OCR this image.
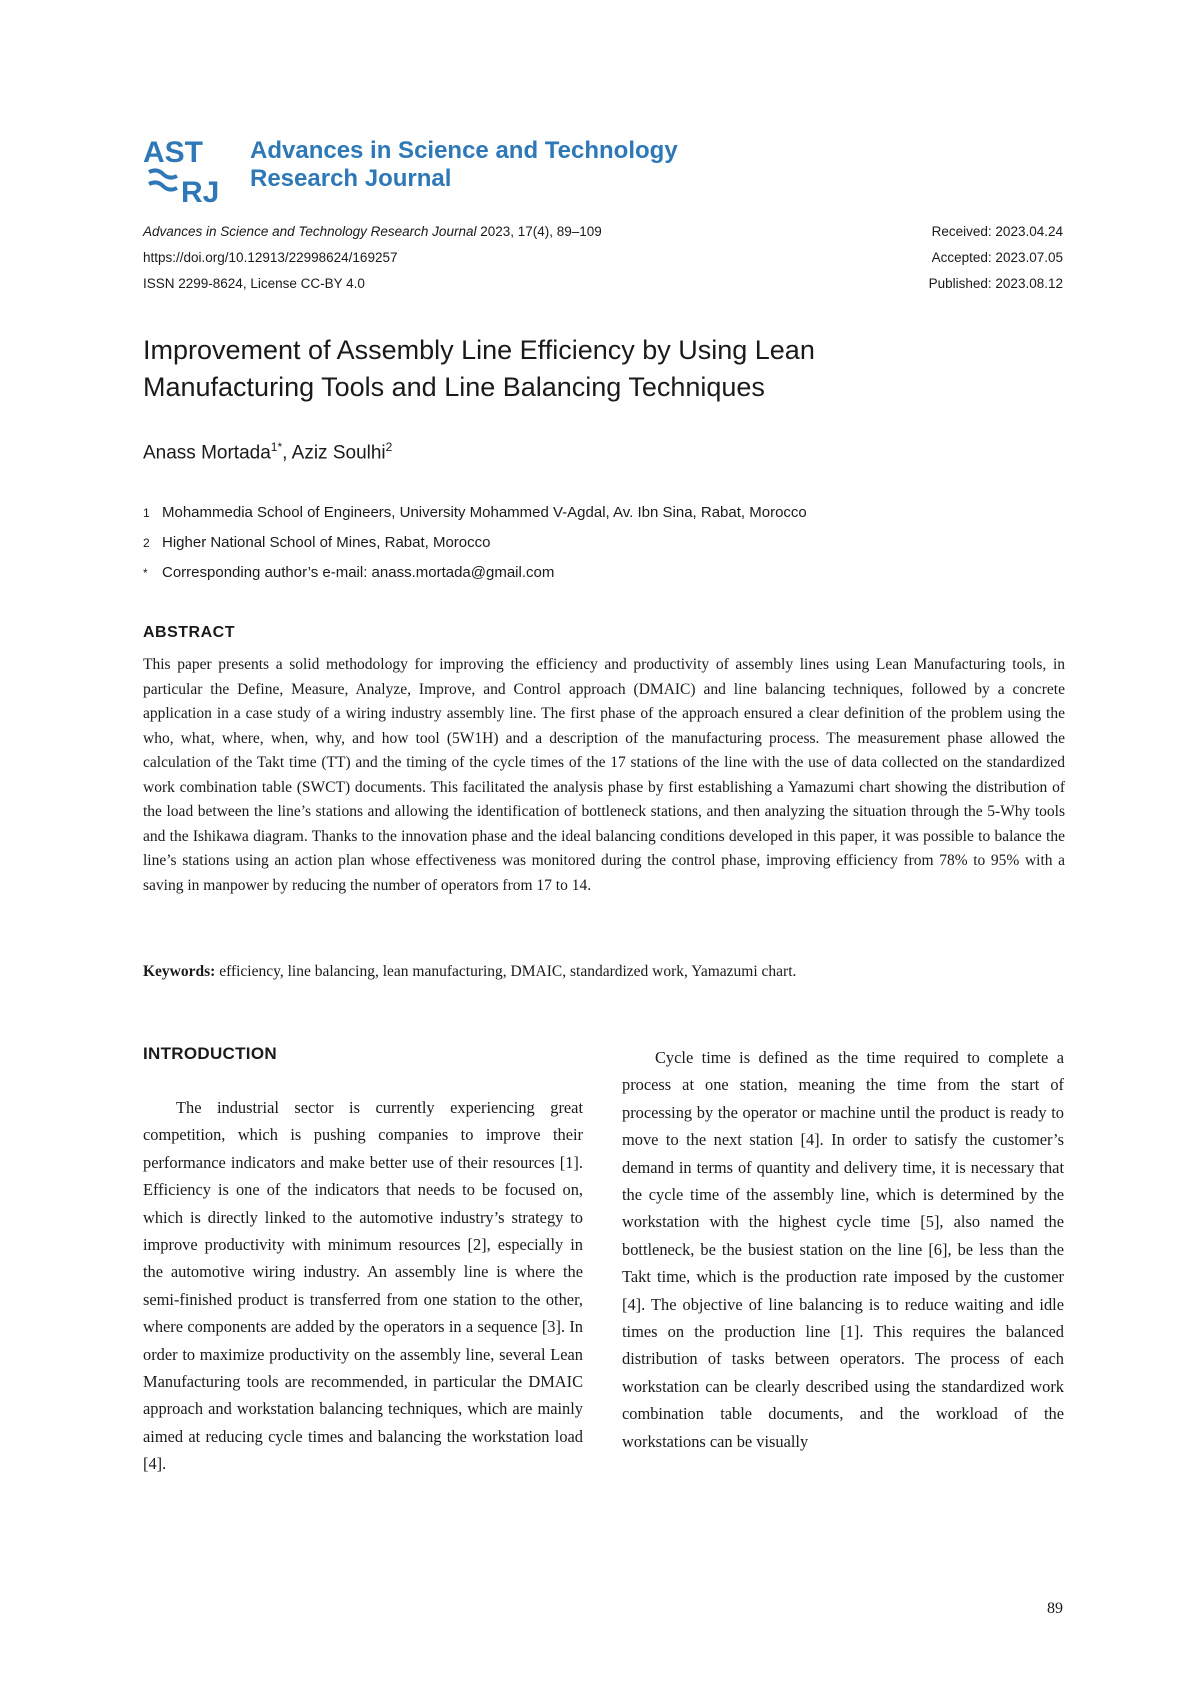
AST
RJ
Advances in Science and Technology
Research Journal
Advances in Science and Technology Research Journal 2023, 17(4), 89–109
https://doi.org/10.12913/22998624/169257
ISSN 2299-8624, License CC-BY 4.0
Received: 2023.04.24
Accepted: 2023.07.05
Published: 2023.08.12
Improvement of Assembly Line Efficiency by Using Lean
Manufacturing Tools and Line Balancing Techniques
Anass Mortada$^{1*}$, Aziz Soulhi$^2$
1 Mohammedia School of Engineers, University Mohammed V-Agdal, Av. Ibn Sina, Rabat, Morocco
2 Higher National School of Mines, Rabat, Morocco
* Corresponding author’s e-mail: anass.mortada@gmail.com
ABSTRACT
This paper presents a solid methodology for improving the efficiency and productivity of assembly lines using Lean Manufacturing tools, in particular the Define, Measure, Analyze, Improve, and Control approach (DMAIC) and line balancing techniques, followed by a concrete application in a case study of a wiring industry assembly line. The first phase of the approach ensured a clear definition of the problem using the who, what, where, when, why, and how tool (5W1H) and a description of the manufacturing process. The measurement phase allowed the calculation of the Takt time (TT) and the timing of the cycle times of the 17 stations of the line with the use of data collected on the standardized work combination table (SWCT) documents. This facilitated the analysis phase by first establishing a Yamazumi chart showing the distribution of the load between the line’s stations and allowing the identification of bottleneck stations, and then analyzing the situation through the 5-Why tools and the Ishikawa diagram. Thanks to the innovation phase and the ideal balancing conditions developed in this paper, it was possible to balance the line’s stations using an action plan whose effectiveness was monitored during the control phase, improving efficiency from 78% to 95% with a saving in manpower by reducing the number of operators from 17 to 14.
Keywords: efficiency, line balancing, lean manufacturing, DMAIC, standardized work, Yamazumi chart.
INTRODUCTION

The industrial sector is currently experiencing great competition, which is pushing companies to improve their performance indicators and make better use of their resources [1]. Efficiency is one of the indicators that needs to be focused on, which is directly linked to the automotive industry’s strategy to improve productivity with minimum resources [2], especially in the automotive wiring industry. An assembly line is where the semi-finished product is transferred from one station to the other, where components are added by the operators in a sequence [3]. In order to maximize productivity on the assembly line, several Lean Manufacturing tools are recommended, in particular the DMAIC approach and workstation balancing techniques, which are mainly aimed at reducing cycle times and balancing the workstation load [4].

Cycle time is defined as the time required to complete a process at one station, meaning the time from the start of processing by the operator or machine until the product is ready to move to the next station [4]. In order to satisfy the customer’s demand in terms of quantity and delivery time, it is necessary that the cycle time of the assembly line, which is determined by the workstation with the highest cycle time [5], also named the bottleneck, be the busiest station on the line [6], be less than the Takt time, which is the production rate imposed by the customer [4]. The objective of line balancing is to reduce waiting and idle times on the production line [1]. This requires the balanced distribution of tasks between operators. The process of each workstation can be clearly described using the standardized work combination table documents, and the workload of the workstations can be visually

89
